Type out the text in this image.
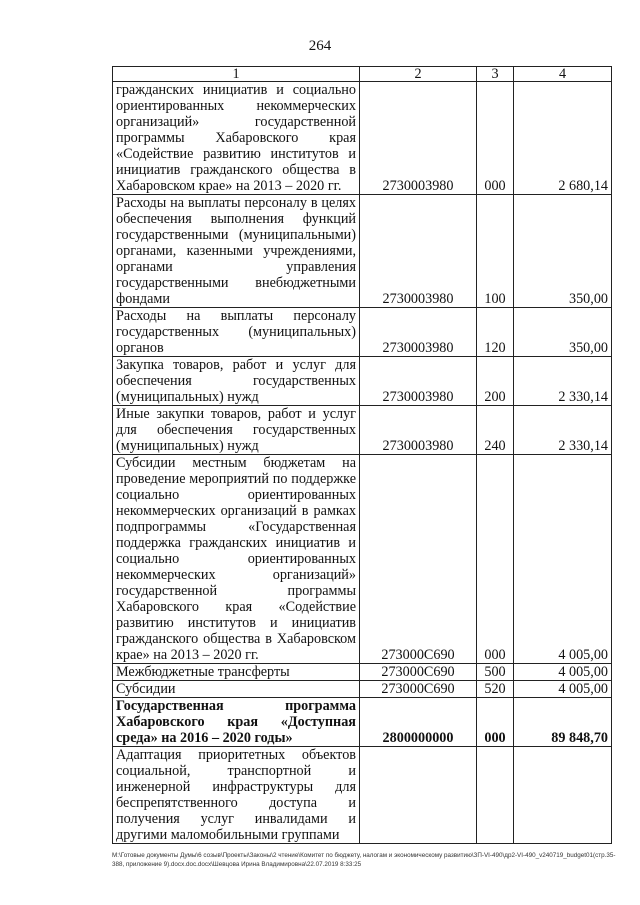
264
1	2	3	4
гражданских инициатив и социально ориентированных некоммерческих организаций» государственной программы Хабаровского края «Содействие развитию институтов и инициатив гражданского общества в Хабаровском крае» на 2013 – 2020 гг.	2730003980	000	2 680,14
Расходы на выплаты персоналу в целях обеспечения выполнения функций государственными (муниципальными) органами, казенными учреждениями, органами управления государственными внебюджетными фондами	2730003980	100	350,00
Расходы на выплаты персоналу государственных (муниципальных) органов	2730003980	120	350,00
Закупка товаров, работ и услуг для обеспечения государственных (муниципальных) нужд	2730003980	200	2 330,14
Иные закупки товаров, работ и услуг для обеспечения государственных (муниципальных) нужд	2730003980	240	2 330,14
Субсидии местным бюджетам на проведение мероприятий по поддержке социально ориентированных некоммерческих организаций в рамках подпрограммы «Государственная поддержка гражданских инициатив и социально ориентированных некоммерческих организаций» государственной программы Хабаровского края «Содействие развитию институтов и инициатив гражданского общества в Хабаровском крае» на 2013 – 2020 гг.	273000C690	000	4 005,00
Межбюджетные трансферты	273000C690	500	4 005,00
Субсидии	273000C690	520	4 005,00
Государственная программа Хабаровского края «Доступная среда» на 2016 – 2020 годы»	2800000000	000	89 848,70
Адаптация приоритетных объектов социальной, транспортной и инженерной инфраструктуры для беспрепятственного доступа и получения услуг инвалидами и другими маломобильными группами			
M:\Готовые документы Думы\6 созыв\Проекты\Законы\2 чтение\Комитет по бюджету, налогам и экономическому развитию\ЗП-VI-490\др2-VI-490_v240719_budget01(стр.35-388, приложение 9).docx.doc.docx\Шевцова Ирина Владимировна\22.07.2019 8:33:25
